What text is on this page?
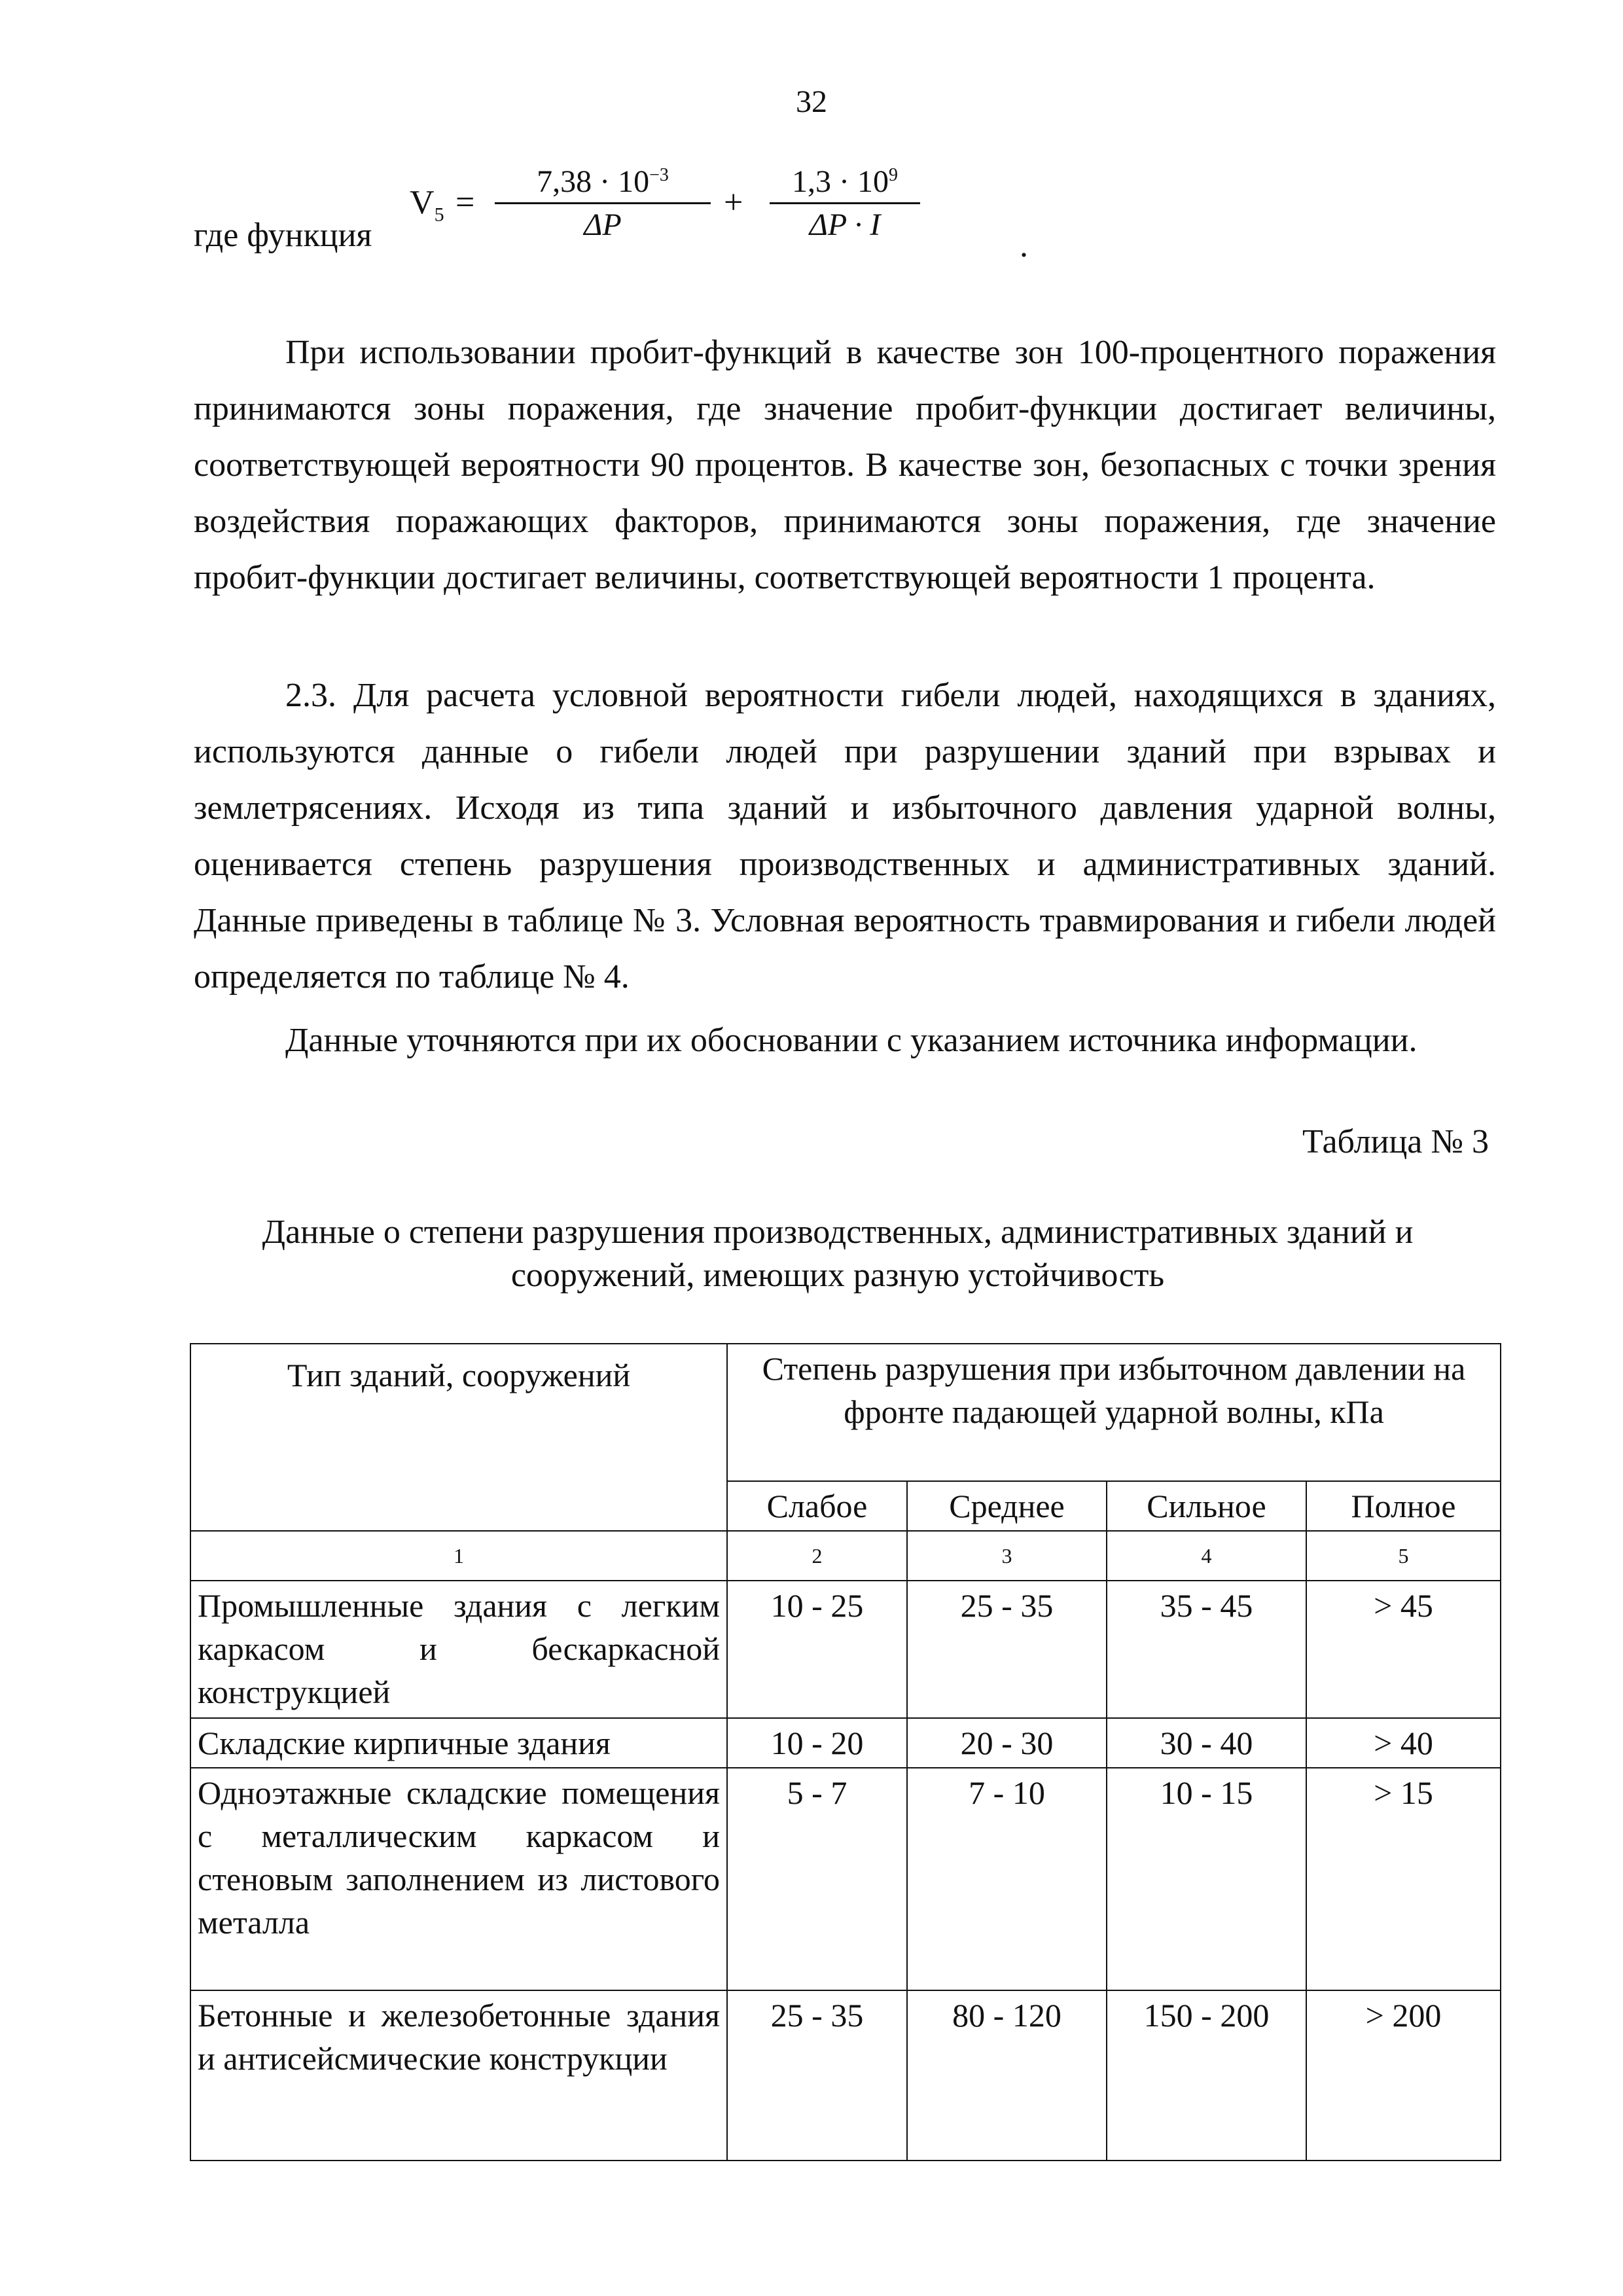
32
где функция
$V_5 = \frac{7,38 \cdot 10^{-3}}{\Delta P} + \frac{1,3 \cdot 10^9}{\Delta P \cdot I}$
.

При использовании пробит-функций в качестве зон 100-процентного поражения принимаются зоны поражения, где значение пробит-функции достигает величины, соответствующей вероятности 90 процентов. В качестве зон, безопасных с точки зрения воздействия поражающих факторов, принимаются зоны поражения, где значение пробит-функции достигает величины, соответствующей вероятности 1 процента.

2.3. Для расчета условной вероятности гибели людей, находящихся в зданиях, используются данные о гибели людей при разрушении зданий при взрывах и землетрясениях. Исходя из типа зданий и избыточного давления ударной волны, оценивается степень разрушения производственных и административных зданий. Данные приведены в таблице № 3. Условная вероятность травмирования и гибели людей определяется по таблице № 4.

Данные уточняются при их обосновании с указанием источника информации.

Таблица № 3
Данные о степени разрушения производственных, административных зданий и
сооружений, имеющих разную устойчивость
Тип зданий, сооружений	Степень разрушения при избыточном давлении на фронте падающей ударной волны, кПа			
	Слабое	Среднее	Сильное	Полное
1	2	3	4	5
Промышленные здания с легким каркасом и бескаркасной конструкцией	10 - 25	25 - 35	35 - 45	> 45
Складские кирпичные здания	10 - 20	20 - 30	30 - 40	> 40
Одноэтажные складские помещения с металлическим каркасом и стеновым заполнением из листового металла	5 - 7	7 - 10	10 - 15	> 15
Бетонные и железобетонные здания и антисейсмические конструкции	25 - 35	80 - 120	150 - 200	> 200
